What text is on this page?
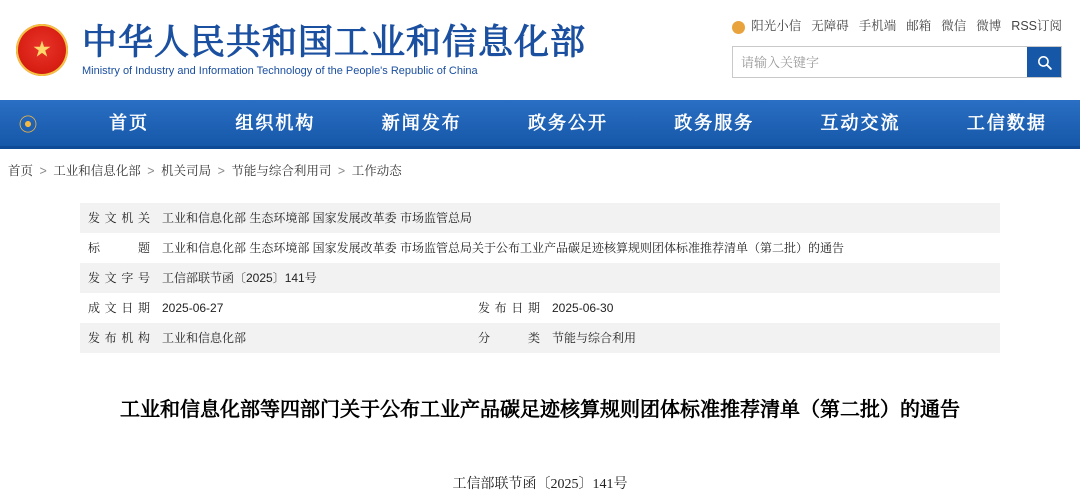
★ 中华人民共和国工业和信息化部
Ministry of Industry and Information Technology of the People's Republic of China
阳光小信 无障碍 手机端 邮箱 微信 微博 RSS订阅
请输入关键字
⦿	首页	组织机构	新闻发布	政务公开	政务服务	互动交流	工信数据
首页 > 工业和信息化部 > 机关司局 > 节能与综合利用司 > 工作动态
发文机关	工业和信息化部 生态环境部 国家发展改革委 市场监管总局		
标题	工业和信息化部 生态环境部 国家发展改革委 市场监管总局关于公布工业产品碳足迹核算规则团体标准推荐清单（第二批）的通告		
发文字号	工信部联节函〔2025〕141号		
成文日期	2025-06-27	发布日期	2025-06-30
发布机构	工业和信息化部	分类	节能与综合利用
工业和信息化部等四部门关于公布工业产品碳足迹核算规则团体标准推荐清单（第二批）的通告
工信部联节函〔2025〕141号
